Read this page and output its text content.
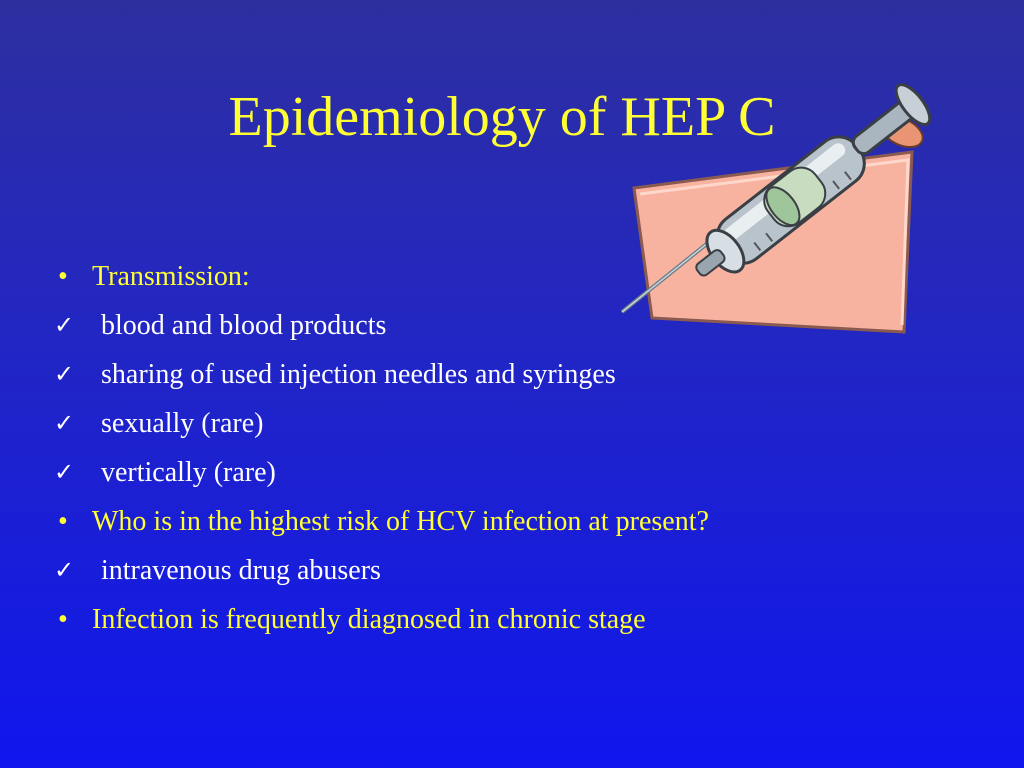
Epidemiology of HEP C
• Transmission:
✓ blood and blood products
✓ sharing of used injection needles and syringes
✓ sexually (rare)
✓ vertically (rare)
• Who is in the highest risk of HCV infection at present?
✓ intravenous drug abusers
• Infection is frequently diagnosed in chronic stage
